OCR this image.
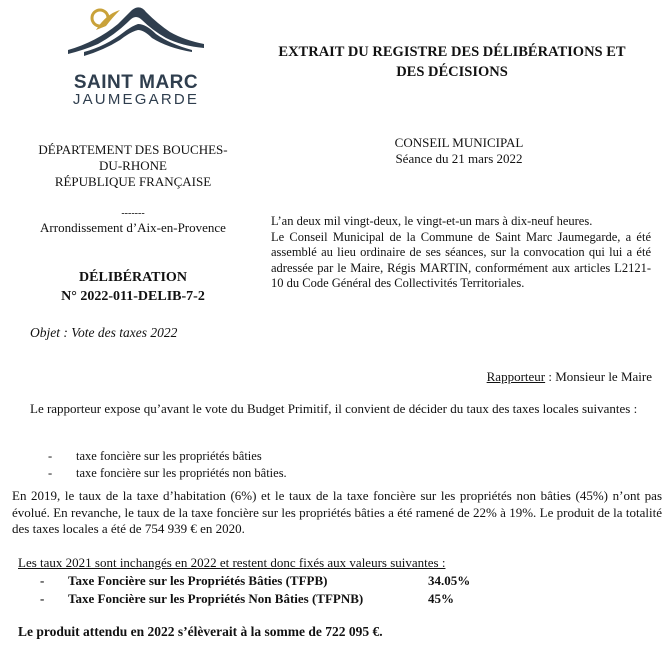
SAINT MARC
JAUMEGARDE
EXTRAIT DU REGISTRE DES DÉLIBÉRATIONS ET
DES DÉCISIONS
DÉPARTEMENT DES BOUCHES-
DU-RHONE
RÉPUBLIQUE FRANÇAISE
-------
Arrondissement d’Aix-en-Provence
DÉLIBÉRATION
N° 2022-011-DELIB-7-2
Objet : Vote des taxes 2022
CONSEIL MUNICIPAL
Séance du 21 mars 2022

L’an deux mil vingt-deux, le vingt-et-un mars à dix-neuf heures.

Le Conseil Municipal de la Commune de Saint Marc Jaumegarde, a été assemblé au lieu ordinaire de ses séances, sur la convocation qui lui a été adressée par le Maire, Régis MARTIN, conformément aux articles L2121-10 du Code Général des Collectivités Territoriales.

Rapporteur : Monsieur le Maire
Le rapporteur expose qu’avant le vote du Budget Primitif, il convient de décider du taux des taxes locales suivantes :
- taxe foncière sur les propriétés bâties
- taxe foncière sur les propriétés non bâties.
En 2019, le taux de la taxe d’habitation (6%) et le taux de la taxe foncière sur les propriétés non bâties (45%) n’ont pas évolué. En revanche, le taux de la taxe foncière sur les propriétés bâties a été ramené de 22% à 19%. Le produit de la totalité des taxes locales a été de 754 939 € en 2020.
Les taux 2021 sont inchangés en 2022 et restent donc fixés aux valeurs suivantes :
- Taxe Foncière sur les Propriétés Bâties (TFPB)	34.05%
- Taxe Foncière sur les Propriétés Non Bâties (TFPNB)	45%
Le produit attendu en 2022 s’élèverait à la somme de 722 095 €.
